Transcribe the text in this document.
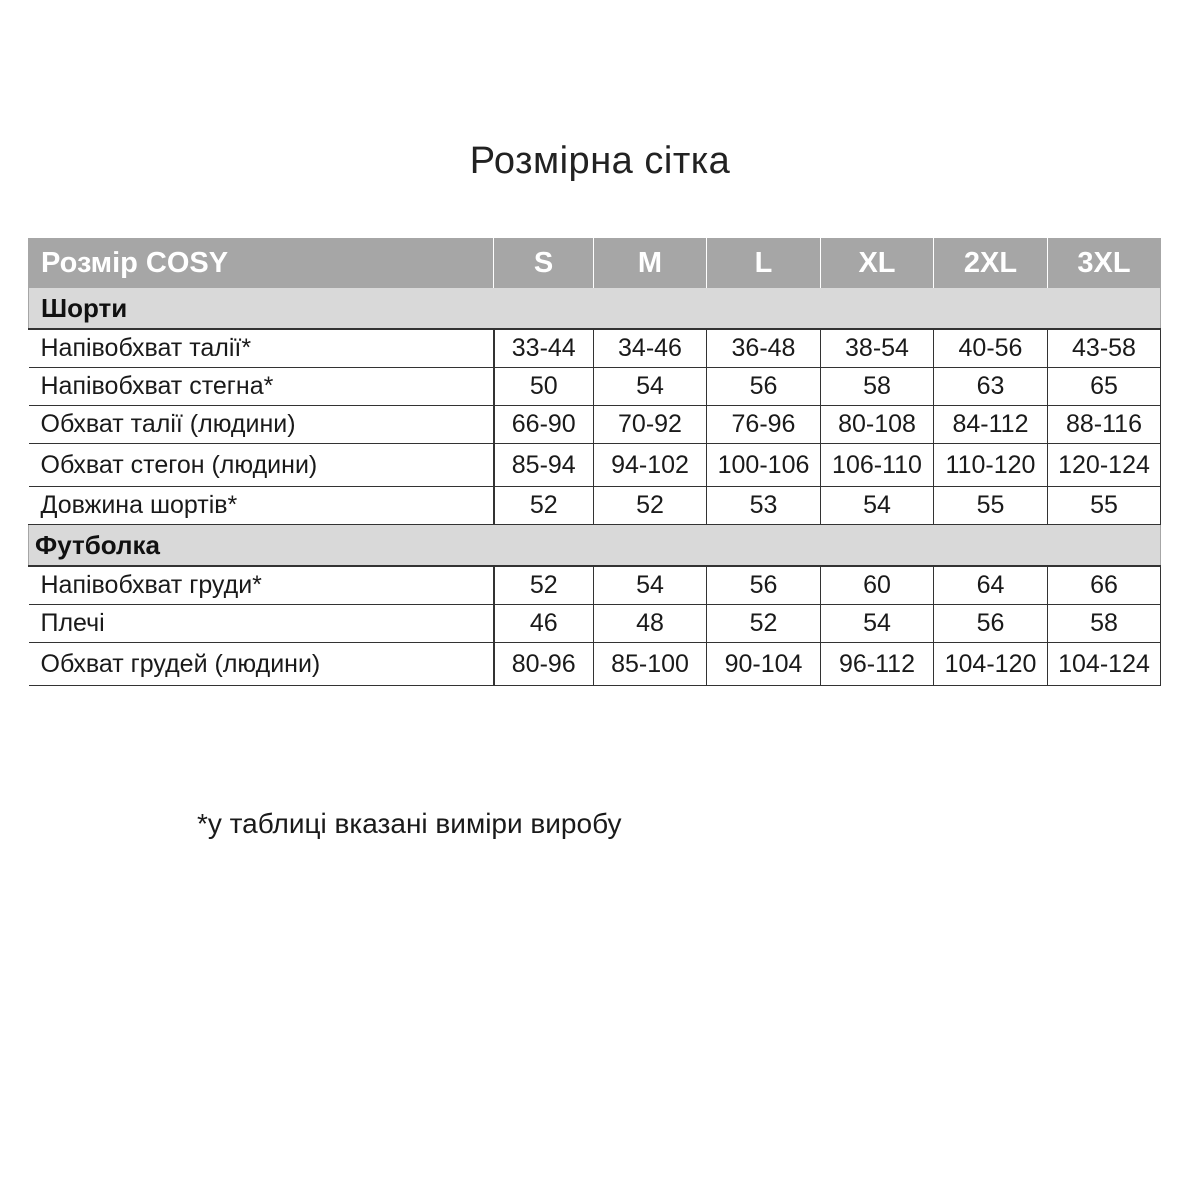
Розмірна сітка
Розмір COSY	S	M	L	XL	2XL	3XL
Шорти						
Напівобхват талії*	33-44	34-46	36-48	38-54	40-56	43-58
Напівобхват стегна*	50	54	56	58	63	65
Обхват талії (людини)	66-90	70-92	76-96	80-108	84-112	88-116
Обхват стегон (людини)	85-94	94-102	100-106	106-110	110-120	120-124
Довжина шортів*	52	52	53	54	55	55
Футболка						
Напівобхват груди*	52	54	56	60	64	66
Плечі	46	48	52	54	56	58
Обхват грудей (людини)	80-96	85-100	90-104	96-112	104-120	104-124
*у таблиці вказані виміри виробу
